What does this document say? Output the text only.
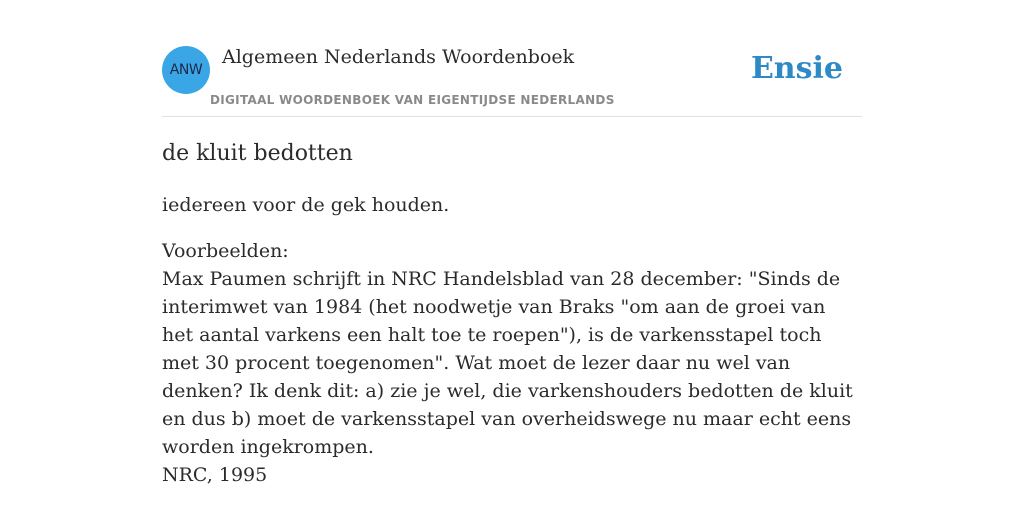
ANW
Algemeen Nederlands Woordenboek
DIGITAAL WOORDENBOEK VAN EIGENTIJDSE NEDERLANDS
Ensie
de kluit bedotten
iedereen voor de gek houden.
Voorbeelden:
Max Paumen schrijft in NRC Handelsblad van 28 december: "Sinds de interimwet van 1984 (het noodwetje van Braks "om aan de groei van het aantal varkens een halt toe te roepen"), is de varkensstapel toch met 30 procent toegenomen". Wat moet de lezer daar nu wel van denken? Ik denk dit: a) zie je wel, die varkenshouders bedotten de kluit en dus b) moet de varkensstapel van overheidswege nu maar echt eens worden ingekrompen.
NRC, 1995
